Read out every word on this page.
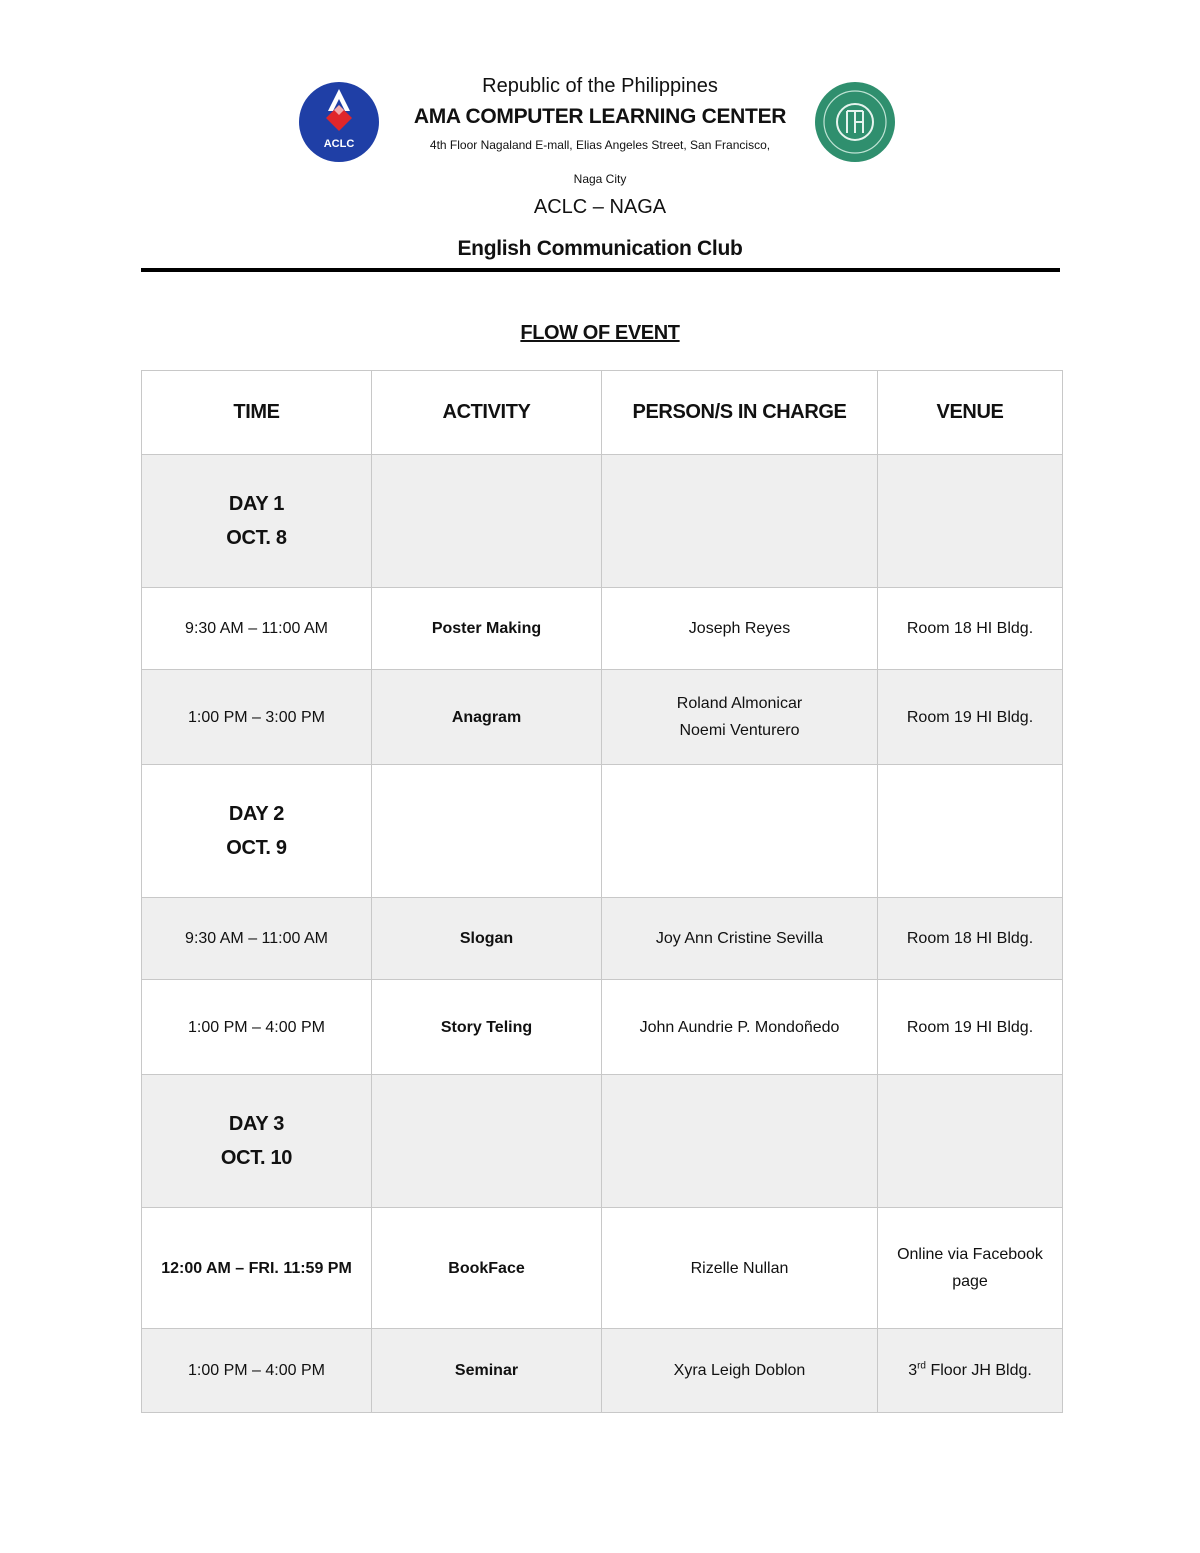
ACLC
Republic of the Philippines
AMA COMPUTER LEARNING CENTER
4th Floor Nagaland E-mall, Elias Angeles Street, San Francisco,
Naga City
ACLC – NAGA
English Communication Club
FLOW OF EVENT
TIME	ACTIVITY	PERSON/S IN CHARGE	VENUE

DAY 1
OCT. 8			

9:30 AM – 11:00 AM	Poster Making	Joseph Reyes	Room 18 HI Bldg.
1:00 PM – 3:00 PM	Anagram	Roland Almonicar
Noemi Venturero	Room 19 HI Bldg.

DAY 2
OCT. 9			

9:30 AM – 11:00 AM	Slogan	Joy Ann Cristine Sevilla	Room 18 HI Bldg.
1:00 PM – 4:00 PM	Story Teling	John Aundrie P. Mondoñedo	Room 19 HI Bldg.

DAY 3
OCT. 10			

12:00 AM – FRI. 11:59 PM	BookFace	Rizelle Nullan	Online via Facebook page
1:00 PM – 4:00 PM	Seminar	Xyra Leigh Doblon	3rd Floor JH Bldg.
